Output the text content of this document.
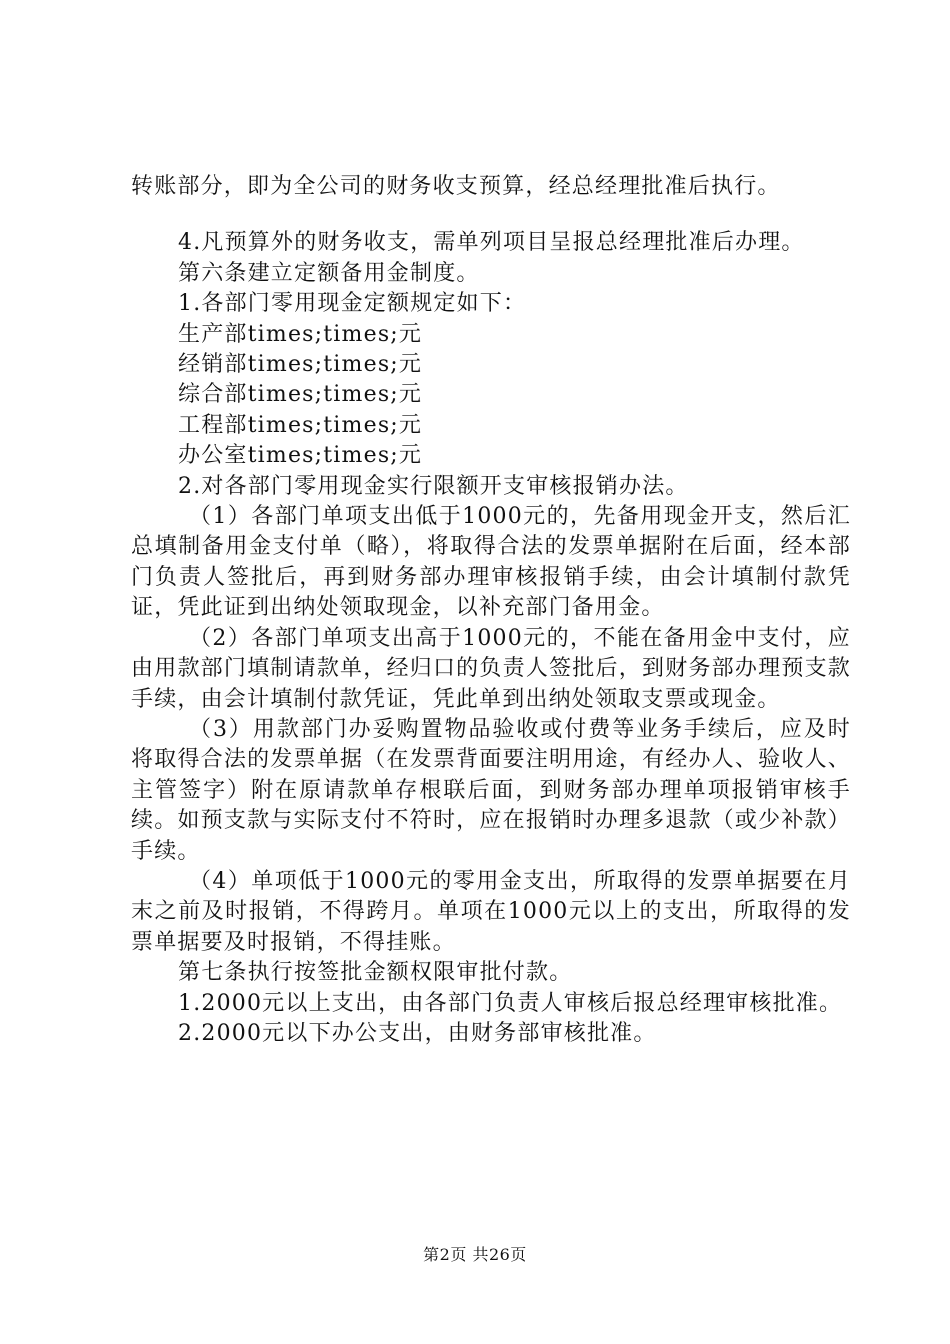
转账部分，即为全公司的财务收支预算，经总经理批准后执行。

4.凡预算外的财务收支，需单列项目呈报总经理批准后办理。

第六条建立定额备用金制度。

1.各部门零用现金定额规定如下：

生产部times;times;元

经销部times;times;元

综合部times;times;元

工程部times;times;元

办公室times;times;元

2.对各部门零用现金实行限额开支审核报销办法。

（1）各部门单项支出低于1000元的，先备用现金开支，然后汇总填制备用金支付单（略），将取得合法的发票单据附在后面，经本部门负责人签批后，再到财务部办理审核报销手续，由会计填制付款凭证，凭此证到出纳处领取现金，以补充部门备用金。

（2）各部门单项支出高于1000元的，不能在备用金中支付，应由用款部门填制请款单，经归口的负责人签批后，到财务部办理预支款手续，由会计填制付款凭证，凭此单到出纳处领取支票或现金。

（3）用款部门办妥购置物品验收或付费等业务手续后，应及时将取得合法的发票单据（在发票背面要注明用途，有经办人、验收人、主管签字）附在原请款单存根联后面，到财务部办理单项报销审核手续。如预支款与实际支付不符时，应在报销时办理多退款（或少补款）手续。

（4）单项低于1000元的零用金支出，所取得的发票单据要在月末之前及时报销，不得跨月。单项在1000元以上的支出，所取得的发票单据要及时报销，不得挂账。

第七条执行按签批金额权限审批付款。

1.2000元以上支出，由各部门负责人审核后报总经理审核批准。

2.2000元以下办公支出，由财务部审核批准。

第2页 共26页
